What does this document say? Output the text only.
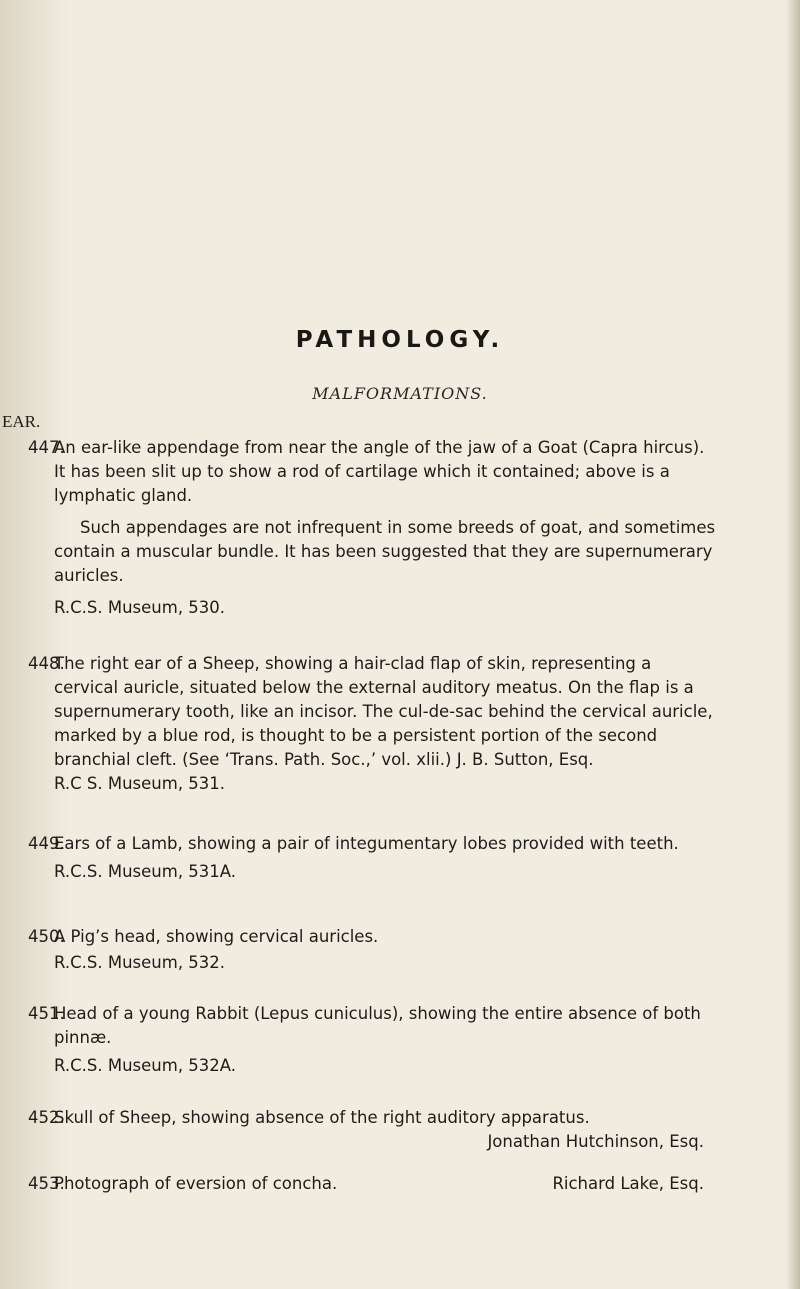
PATHOLOGY.
MALFORMATIONS.
EAR.
447.

An ear-like appendage from near the angle of the jaw of a Goat (Capra hircus). It has been slit up to show a rod of cartilage which it contained; above is a lymphatic gland.

Such appendages are not infrequent in some breeds of goat, and sometimes contain a muscular bundle. It has been suggested that they are supernumerary auricles.

R.C.S. Museum, 530.
448.

The right ear of a Sheep, showing a hair-clad flap of skin, representing a cervical auricle, situated below the external auditory meatus. On the flap is a supernumerary tooth, like an incisor. The cul-de-sac behind the cervical auricle, marked by a blue rod, is thought to be a persistent portion of the second branchial cleft. (See ‘Trans. Path. Soc.,’ vol. xlii.) J. B. Sutton, Esq.

R.C S. Museum, 531.
449.

Ears of a Lamb, showing a pair of integumentary lobes provided with teeth.

R.C.S. Museum, 531A.
450.

A Pig’s head, showing cervical auricles.

R.C.S. Museum, 532.
451.

Head of a young Rabbit (Lepus cuniculus), showing the entire absence of both pinnæ.

R.C.S. Museum, 532A.
452.

Skull of Sheep, showing absence of the right auditory apparatus.

Jonathan Hutchinson, Esq.
453.	Richard Lake, Esq.
Photograph of eversion of concha.
